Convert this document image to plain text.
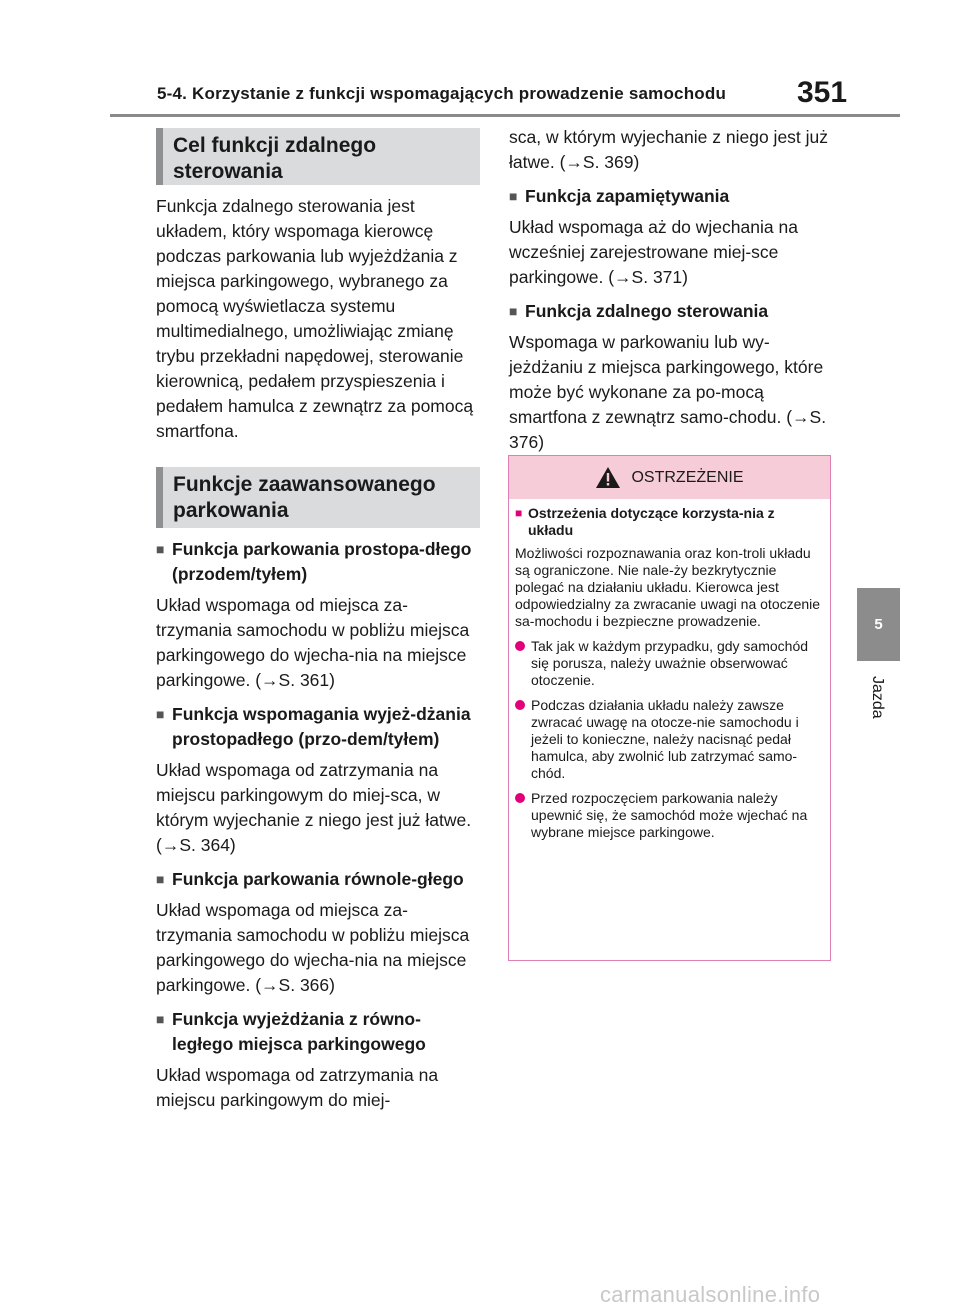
5-4. Korzystanie z funkcji wspomagających prowadzenie samochodu 351
5
Jazda
Cel funkcji zdalnego sterowania

Funkcja zdalnego sterowania jest układem, który wspomaga kierowcę podczas parkowania lub wyjeżdżania z miejsca parkingowego, wybranego za pomocą wyświetlacza systemu multimedialnego, umożliwiając zmianę trybu przekładni napędowej, sterowanie kierownicą, pedałem przyspieszenia i pedałem hamulca z zewnątrz za pomocą smartfona.

Funkcje zaawansowanego parkowania
■ Funkcja parkowania prostopa-dłego (przodem/tyłem)

Układ wspomaga od miejsca za-trzymania samochodu w pobliżu miejsca parkingowego do wjecha-nia na miejsce parkingowe. (→S. 361)

■ Funkcja wspomagania wyjeż-dżania prostopadłego (przo-dem/tyłem)

Układ wspomaga od zatrzymania na miejscu parkingowym do miej-sca, w którym wyjechanie z niego jest już łatwe. (→S. 364)

■ Funkcja parkowania równole-głego

Układ wspomaga od miejsca za-trzymania samochodu w pobliżu miejsca parkingowego do wjecha-nia na miejsce parkingowe. (→S. 366)

■ Funkcja wyjeżdżania z równo-ległego miejsca parkingowego

Układ wspomaga od zatrzymania na miejscu parkingowym do miej-

sca, w którym wyjechanie z niego jest już łatwe. (→S. 369)

■ Funkcja zapamiętywania

Układ wspomaga aż do wjechania na wcześniej zarejestrowane miej-sce parkingowe. (→S. 371)

■ Funkcja zdalnego sterowania

Wspomaga w parkowaniu lub wy-jeżdżaniu z miejsca parkingowego, które może być wykonane za po-mocą smartfona z zewnątrz samo-chodu. (→S. 376)

OSTRZEŻENIE
■ Ostrzeżenia dotyczące korzysta-nia z układu

Możliwości rozpoznawania oraz kon-troli układu są ograniczone. Nie nale-ży bezkrytycznie polegać na działaniu układu. Kierowca jest odpowiedzialny za zwracanie uwagi na otoczenie sa-mochodu i bezpieczne prowadzenie.

Tak jak w każdym przypadku, gdy samochód się porusza, należy uważnie obserwować otoczenie.
Podczas działania układu należy zawsze zwracać uwagę na otocze-nie samochodu i jeżeli to konieczne, należy nacisnąć pedał hamulca, aby zwolnić lub zatrzymać samo-chód.
Przed rozpoczęciem parkowania należy upewnić się, że samochód może wjechać na wybrane miejsce parkingowe.
carmanualsonline.info
